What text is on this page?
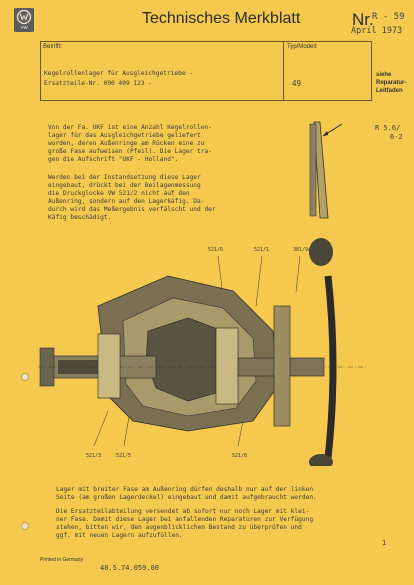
VW
Technisches Merkblatt	Nr.
R - 59
April 1973
Betrifft:	Typ/Modell:
Kegelrollenlager für Ausgleichgetriebe -
Ersatzteile-Nr. 000 409 123 -	49
siehe
Reparatur-
Leitfaden
Von der Fa. UKF ist eine Anzahl Kegelrollen-
lager für das Ausgleichgetriebe geliefert
worden, deren Außenringe am Rücken eine zu
große Fase aufweisen (Pfeil). Die Lager tra-
gen die Aufschrift "UKF - Holland".
Werden bei der Instandsetzung diese Lager
eingebaut, drückt bei der Beilagenmessung
die Druckglocke VW 521/2 nicht auf den
Außenring, sondern auf den Lagerkäfig. Da-
durch wird das Meßergebnis verfälscht und der
Käfig beschädigt.
R 5.6/
6-2
521/6	521/1	381/9a
521/3	521/5	521/8
Lager mit breiter Fase am Außenring dürfen deshalb nur auf der linken
Seite (am großen Lagerdeckel) eingebaut und damit aufgebraucht werden.
Die Ersatzteilabteilung versendet ab sofort nur noch Lager mit klei-
ner Fase. Damit diese Lager bei anfallenden Reparaturen zur Verfügung
stehen, bitten wir, den augenblicklichen Bestand zu überprüfen und
ggf. mit neuen Lagern aufzufüllen.
1
Printed in Germany
48.5.74.059.00
